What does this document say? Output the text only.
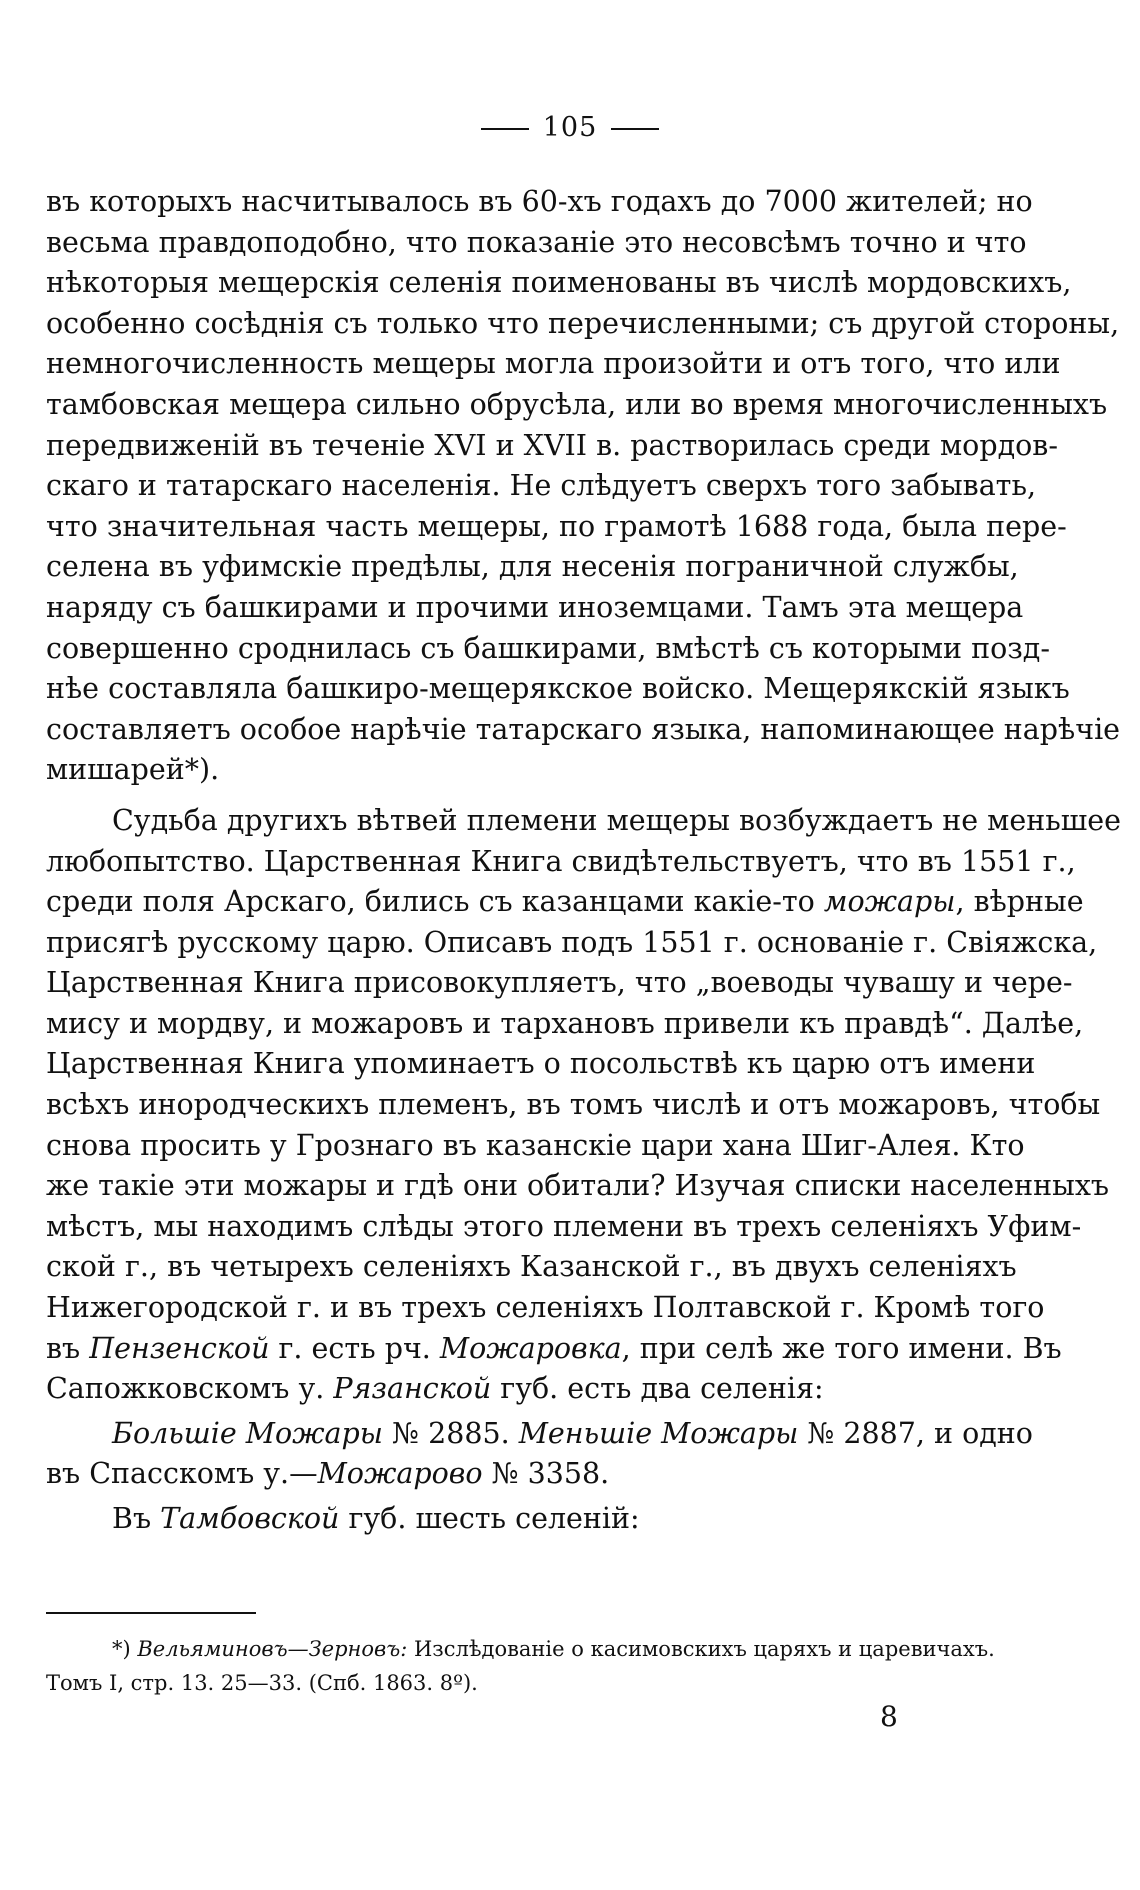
105
въ которыхъ насчитывалось въ 60-хъ годахъ до 7000 жителей; но
весьма правдоподобно, что показаніе это несовсѣмъ точно и что
нѣкоторыя мещерскія селенія поименованы въ числѣ мордовскихъ,
особенно сосѣднія съ только что перечисленными; съ другой стороны,
немногочисленность мещеры могла произойти и отъ того, что или
тамбовская мещера сильно обрусѣла, или во время многочисленныхъ
передвиженій въ теченіе XVI и XVII в. растворилась среди мордов-
скаго и татарскаго населенія. Не слѣдуетъ сверхъ того забывать,
что значительная часть мещеры, по грамотѣ 1688 года, была пере-
селена въ уфимскіе предѣлы, для несенія пограничной службы,
наряду съ башкирами и прочими иноземцами. Тамъ эта мещера
совершенно сроднилась съ башкирами, вмѣстѣ съ которыми позд-
нѣе составляла башкиро-мещерякское войско. Мещерякскій языкъ
составляетъ особое нарѣчіе татарскаго языка, напоминающее нарѣчіе
мишарей*).
Судьба другихъ вѣтвей племени мещеры возбуждаетъ не меньшее
любопытство. Царственная Книга свидѣтельствуетъ, что въ 1551 г.,
среди поля Арскаго, бились съ казанцами какіе-то можары, вѣрные
присягѣ русскому царю. Описавъ подъ 1551 г. основаніе г. Свіяжска,
Царственная Книга присовокупляетъ, что „воеводы чувашу и чере-
мису и мордву, и можаровъ и тархановъ привели къ правдѣ“. Далѣе,
Царственная Книга упоминаетъ о посольствѣ къ царю отъ имени
всѣхъ инородческихъ племенъ, въ томъ числѣ и отъ можаровъ, чтобы
снова просить у Грознаго въ казанскіе цари хана Шиг-Алея. Кто
же такіе эти можары и гдѣ они обитали? Изучая списки населенныхъ
мѣстъ, мы находимъ слѣды этого племени въ трехъ селеніяхъ Уфим-
ской г., въ четырехъ селеніяхъ Казанской г., въ двухъ селеніяхъ
Нижегородской г. и въ трехъ селеніяхъ Полтавской г. Кромѣ того
въ Пензенской г. есть рч. Можаровка, при селѣ же того имени. Въ
Сапожковскомъ у. Рязанской губ. есть два селенія:
Большіе Можары № 2885. Меньшіе Можары № 2887, и одно
въ Спасскомъ у.—Можарово № 3358.
Въ Тамбовской губ. шесть селеній:
*) Вельяминовъ—Зерновъ: Изслѣдованіе о касимовскихъ царяхъ и царевичахъ.
Томъ I, стр. 13. 25—33. (Спб. 1863. 8º).
8
